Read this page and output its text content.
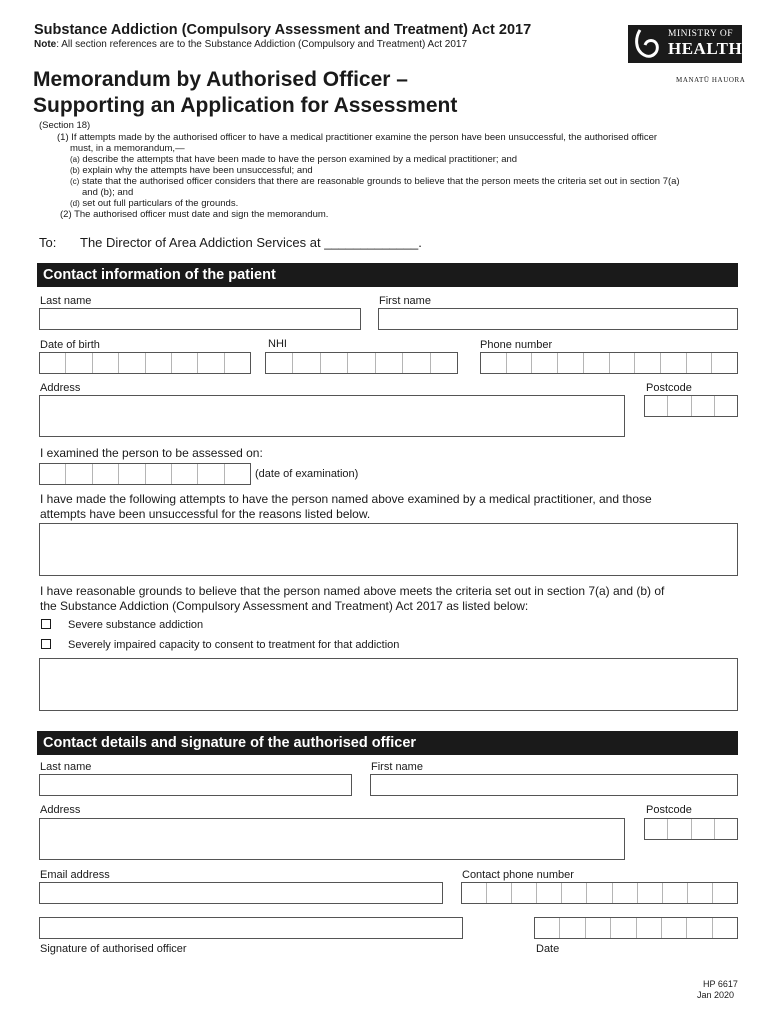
Substance Addiction (Compulsory Assessment and Treatment) Act 2017
Note: All section references are to the Substance Addiction (Compulsory and Treatment) Act 2017
MINISTRY OF
HEALTH
MANATŪ HAUORA
Memorandum by Authorised Officer –
Supporting an Application for Assessment
(Section 18)
(1) If attempts made by the authorised officer to have a medical practitioner examine the person have been unsuccessful, the authorised officer
must, in a memorandum,—
(a) describe the attempts that have been made to have the person examined by a medical practitioner; and
(b) explain why the attempts have been unsuccessful; and
(c) state that the authorised officer considers that there are reasonable grounds to believe that the person meets the criteria set out in section 7(a)
and (b); and
(d) set out full particulars of the grounds.
(2) The authorised officer must date and sign the memorandum.
To: The Director of Area Addiction Services at _____________.
Contact information of the patient
Last name	First name
Date of birth	NHI	Phone number
Address	Postcode
I examined the person to be assessed on:
(date of examination)
I have made the following attempts to have the person named above examined by a medical practitioner, and those
attempts have been unsuccessful for the reasons listed below.
I have reasonable grounds to believe that the person named above meets the criteria set out in section 7(a) and (b) of
the Substance Addiction (Compulsory Assessment and Treatment) Act 2017 as listed below:
Severe substance addiction
Severely impaired capacity to consent to treatment for that addiction
Contact details and signature of the authorised officer
Last name	First name
Address	Postcode
Email address	Contact phone number
Signature of authorised officer	Date
HP 6617
Jan 2020
